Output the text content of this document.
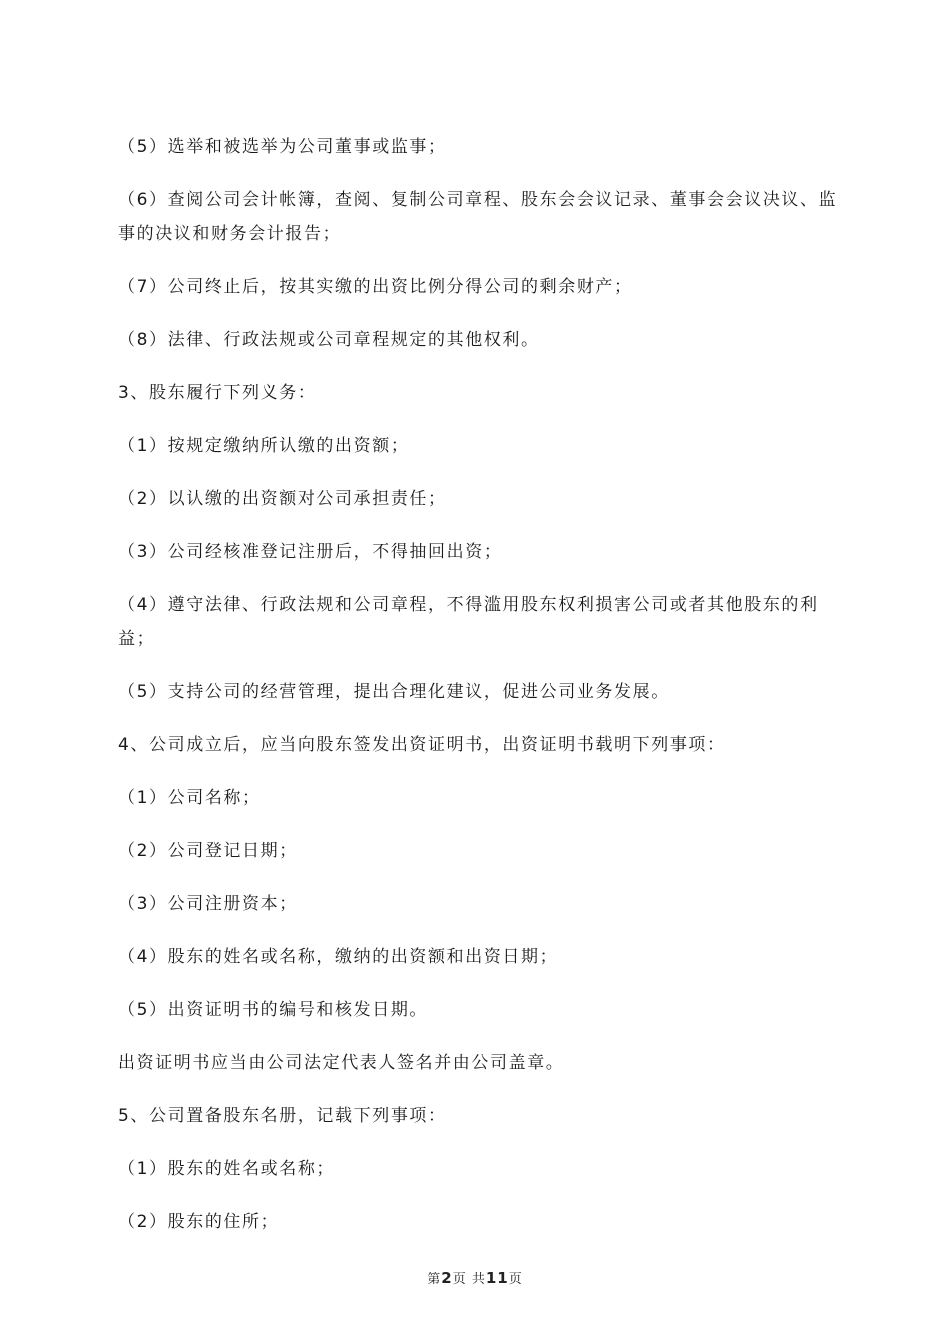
（5）选举和被选举为公司董事或监事；

（6）查阅公司会计帐簿，查阅、复制公司章程、股东会会议记录、董事会会议决议、监事的决议和财务会计报告；

（7）公司终止后，按其实缴的出资比例分得公司的剩余财产；

（8）法律、行政法规或公司章程规定的其他权利。

3、股东履行下列义务：

（1）按规定缴纳所认缴的出资额；

（2）以认缴的出资额对公司承担责任；

（3）公司经核准登记注册后，不得抽回出资；

（4）遵守法律、行政法规和公司章程，不得滥用股东权利损害公司或者其他股东的利益；

（5）支持公司的经营管理，提出合理化建议，促进公司业务发展。

4、公司成立后，应当向股东签发出资证明书，出资证明书载明下列事项：

（1）公司名称；

（2）公司登记日期；

（3）公司注册资本；

（4）股东的姓名或名称，缴纳的出资额和出资日期；

（5）出资证明书的编号和核发日期。

出资证明书应当由公司法定代表人签名并由公司盖章。

5、公司置备股东名册，记载下列事项：

（1）股东的姓名或名称；

（2）股东的住所；

第2页 共11页
